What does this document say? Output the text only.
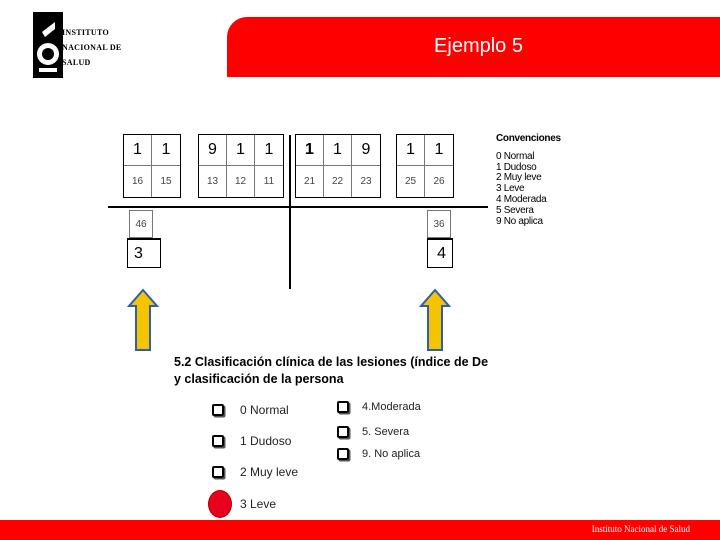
INSTITUTO
NACIONAL DE
SALUD
Ejemplo 5
1
16
1
15
9
13
1
12
1
11
1
21
1
22
9
23
1
25
1
26
46
3
36
4
Convenciones
0 Normal
1 Dudoso
2 Muy leve
3 Leve
4 Moderada
5 Severa
9 No aplica
5.2 Clasificación clínica de las lesiones (índice de De
y clasificación de la persona
0 Normal
1 Dudoso
2 Muy leve
3 Leve
4.Moderada
5. Severa
9. No aplica
Instituto Nacional de Salud
